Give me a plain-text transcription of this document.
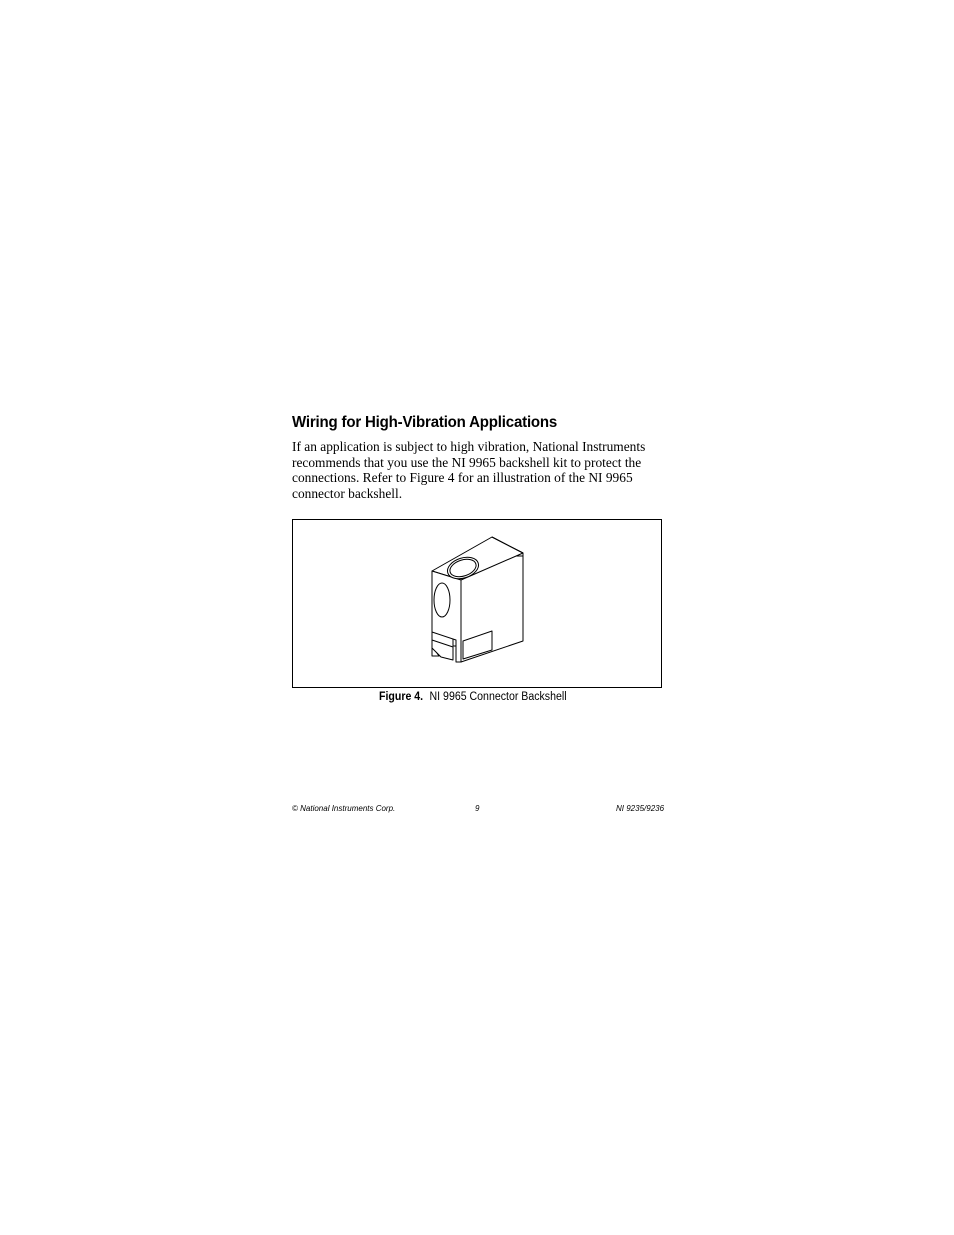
Wiring for High-Vibration Applications

If an application is subject to high vibration, National Instruments recommends that you use the NI 9965 backshell kit to protect the connections. Refer to Figure 4 for an illustration of the NI 9965 connector backshell.

Figure 4. NI 9965 Connector Backshell

© National Instruments Corp.	9	NI 9235/9236
